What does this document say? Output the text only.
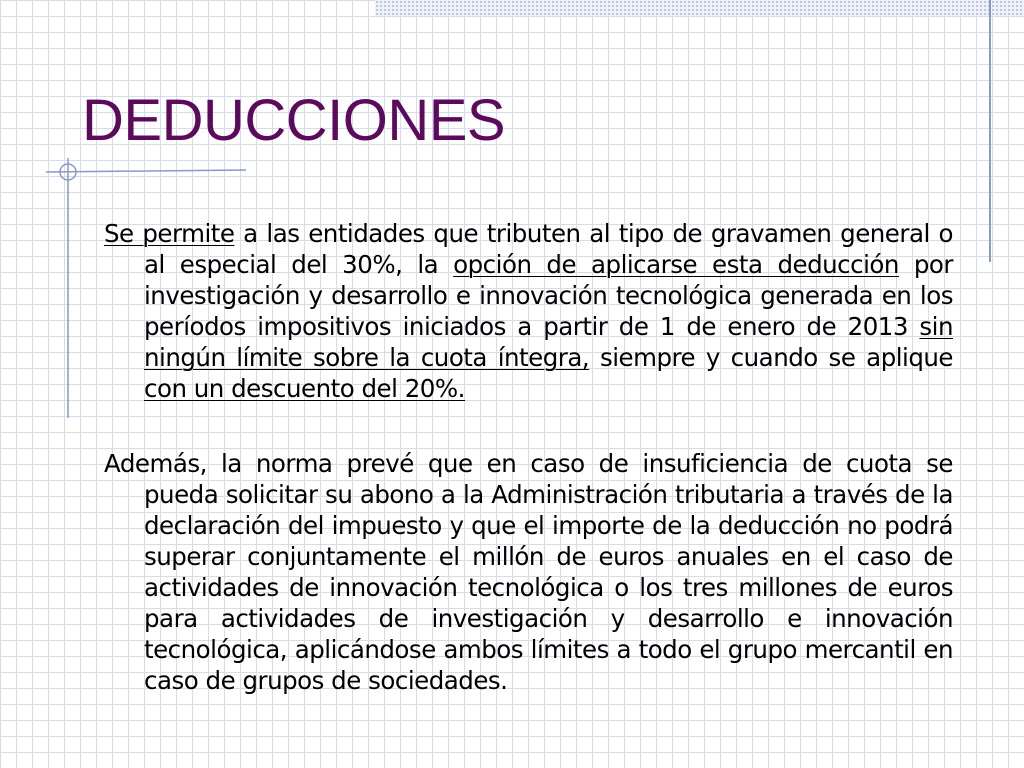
DEDUCCIONES

Se permite a las entidades que tributen al tipo de gravamen general o al especial del 30%, la opción de aplicarse esta deducción por investigación y desarrollo e innovación tecnológica generada en los períodos impositivos iniciados a partir de 1 de enero de 2013 sin ningún límite sobre la cuota íntegra, siempre y cuando se aplique con un descuento del 20%.

Además, la norma prevé que en caso de insuficiencia de cuota se pueda solicitar su abono a la Administración tributaria a través de la declaración del impuesto y que el importe de la deducción no podrá superar conjuntamente el millón de euros anuales en el caso de actividades de innovación tecnológica o los tres millones de euros para actividades de investigación y desarrollo e innovación tecnológica, aplicándose ambos límites a todo el grupo mercantil en caso de grupos de sociedades.
